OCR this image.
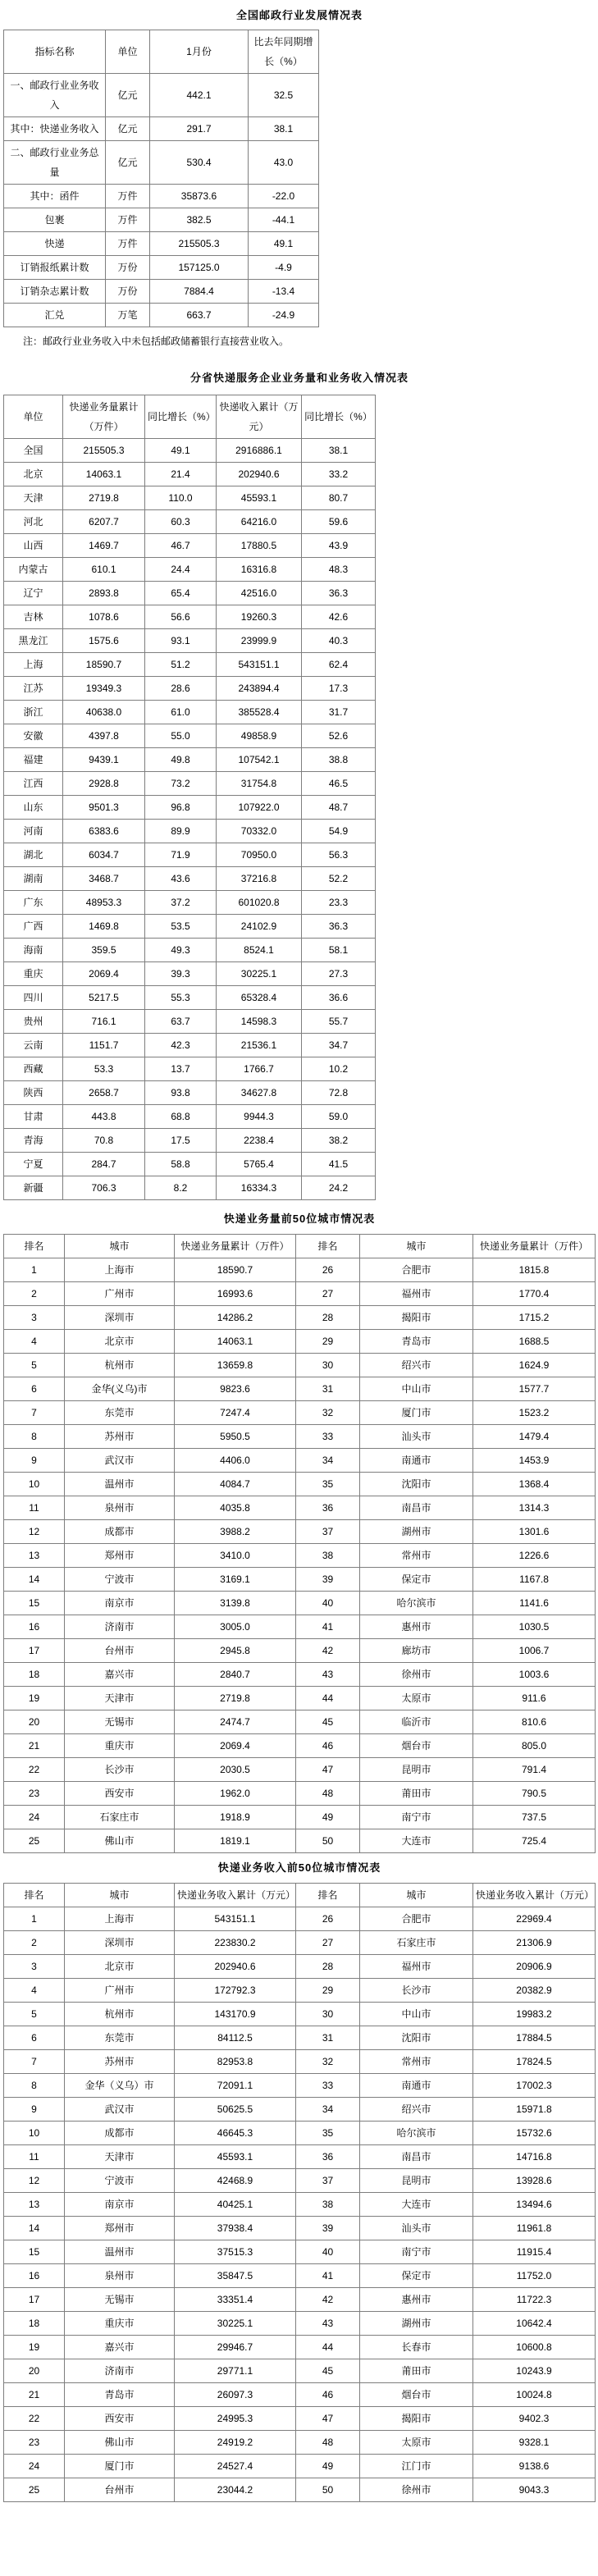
全国邮政行业发展情况表
指标名称	单位	1月份	比去年同期增长（%）
一、邮政行业业务收入	亿元	442.1	32.5
其中：快递业务收入	亿元	291.7	38.1
二、邮政行业业务总量	亿元	530.4	43.0
其中：函件	万件	35873.6	-22.0
包裹	万件	382.5	-44.1
快递	万件	215505.3	49.1
订销报纸累计数	万份	157125.0	-4.9
订销杂志累计数	万份	7884.4	-13.4
汇兑	万笔	663.7	-24.9
注：邮政行业业务收入中未包括邮政储蓄银行直接营业收入。
分省快递服务企业业务量和业务收入情况表
单位	快递业务量累计（万件）	同比增长（%）	快递收入累计（万元）	同比增长（%）
全国	215505.3	49.1	2916886.1	38.1
北京	14063.1	21.4	202940.6	33.2
天津	2719.8	110.0	45593.1	80.7
河北	6207.7	60.3	64216.0	59.6
山西	1469.7	46.7	17880.5	43.9
内蒙古	610.1	24.4	16316.8	48.3
辽宁	2893.8	65.4	42516.0	36.3
吉林	1078.6	56.6	19260.3	42.6
黑龙江	1575.6	93.1	23999.9	40.3
上海	18590.7	51.2	543151.1	62.4
江苏	19349.3	28.6	243894.4	17.3
浙江	40638.0	61.0	385528.4	31.7
安徽	4397.8	55.0	49858.9	52.6
福建	9439.1	49.8	107542.1	38.8
江西	2928.8	73.2	31754.8	46.5
山东	9501.3	96.8	107922.0	48.7
河南	6383.6	89.9	70332.0	54.9
湖北	6034.7	71.9	70950.0	56.3
湖南	3468.7	43.6	37216.8	52.2
广东	48953.3	37.2	601020.8	23.3
广西	1469.8	53.5	24102.9	36.3
海南	359.5	49.3	8524.1	58.1
重庆	2069.4	39.3	30225.1	27.3
四川	5217.5	55.3	65328.4	36.6
贵州	716.1	63.7	14598.3	55.7
云南	1151.7	42.3	21536.1	34.7
西藏	53.3	13.7	1766.7	10.2
陕西	2658.7	93.8	34627.8	72.8
甘肃	443.8	68.8	9944.3	59.0
青海	70.8	17.5	2238.4	38.2
宁夏	284.7	58.8	5765.4	41.5
新疆	706.3	8.2	16334.3	24.2
快递业务量前50位城市情况表
排名	城市	快递业务量累计（万件）	排名	城市	快递业务量累计（万件）
1	上海市	18590.7	26	合肥市	1815.8
2	广州市	16993.6	27	福州市	1770.4
3	深圳市	14286.2	28	揭阳市	1715.2
4	北京市	14063.1	29	青岛市	1688.5
5	杭州市	13659.8	30	绍兴市	1624.9
6	金华(义乌)市	9823.6	31	中山市	1577.7
7	东莞市	7247.4	32	厦门市	1523.2
8	苏州市	5950.5	33	汕头市	1479.4
9	武汉市	4406.0	34	南通市	1453.9
10	温州市	4084.7	35	沈阳市	1368.4
11	泉州市	4035.8	36	南昌市	1314.3
12	成都市	3988.2	37	湖州市	1301.6
13	郑州市	3410.0	38	常州市	1226.6
14	宁波市	3169.1	39	保定市	1167.8
15	南京市	3139.8	40	哈尔滨市	1141.6
16	济南市	3005.0	41	惠州市	1030.5
17	台州市	2945.8	42	廊坊市	1006.7
18	嘉兴市	2840.7	43	徐州市	1003.6
19	天津市	2719.8	44	太原市	911.6
20	无锡市	2474.7	45	临沂市	810.6
21	重庆市	2069.4	46	烟台市	805.0
22	长沙市	2030.5	47	昆明市	791.4
23	西安市	1962.0	48	莆田市	790.5
24	石家庄市	1918.9	49	南宁市	737.5
25	佛山市	1819.1	50	大连市	725.4
快递业务收入前50位城市情况表
排名	城市	快递业务收入累计（万元）	排名	城市	快递业务收入累计（万元）
1	上海市	543151.1	26	合肥市	22969.4
2	深圳市	223830.2	27	石家庄市	21306.9
3	北京市	202940.6	28	福州市	20906.9
4	广州市	172792.3	29	长沙市	20382.9
5	杭州市	143170.9	30	中山市	19983.2
6	东莞市	84112.5	31	沈阳市	17884.5
7	苏州市	82953.8	32	常州市	17824.5
8	金华（义乌）市	72091.1	33	南通市	17002.3
9	武汉市	50625.5	34	绍兴市	15971.8
10	成都市	46645.3	35	哈尔滨市	15732.6
11	天津市	45593.1	36	南昌市	14716.8
12	宁波市	42468.9	37	昆明市	13928.6
13	南京市	40425.1	38	大连市	13494.6
14	郑州市	37938.4	39	汕头市	11961.8
15	温州市	37515.3	40	南宁市	11915.4
16	泉州市	35847.5	41	保定市	11752.0
17	无锡市	33351.4	42	惠州市	11722.3
18	重庆市	30225.1	43	湖州市	10642.4
19	嘉兴市	29946.7	44	长春市	10600.8
20	济南市	29771.1	45	莆田市	10243.9
21	青岛市	26097.3	46	烟台市	10024.8
22	西安市	24995.3	47	揭阳市	9402.3
23	佛山市	24919.2	48	太原市	9328.1
24	厦门市	24527.4	49	江门市	9138.6
25	台州市	23044.2	50	徐州市	9043.3
